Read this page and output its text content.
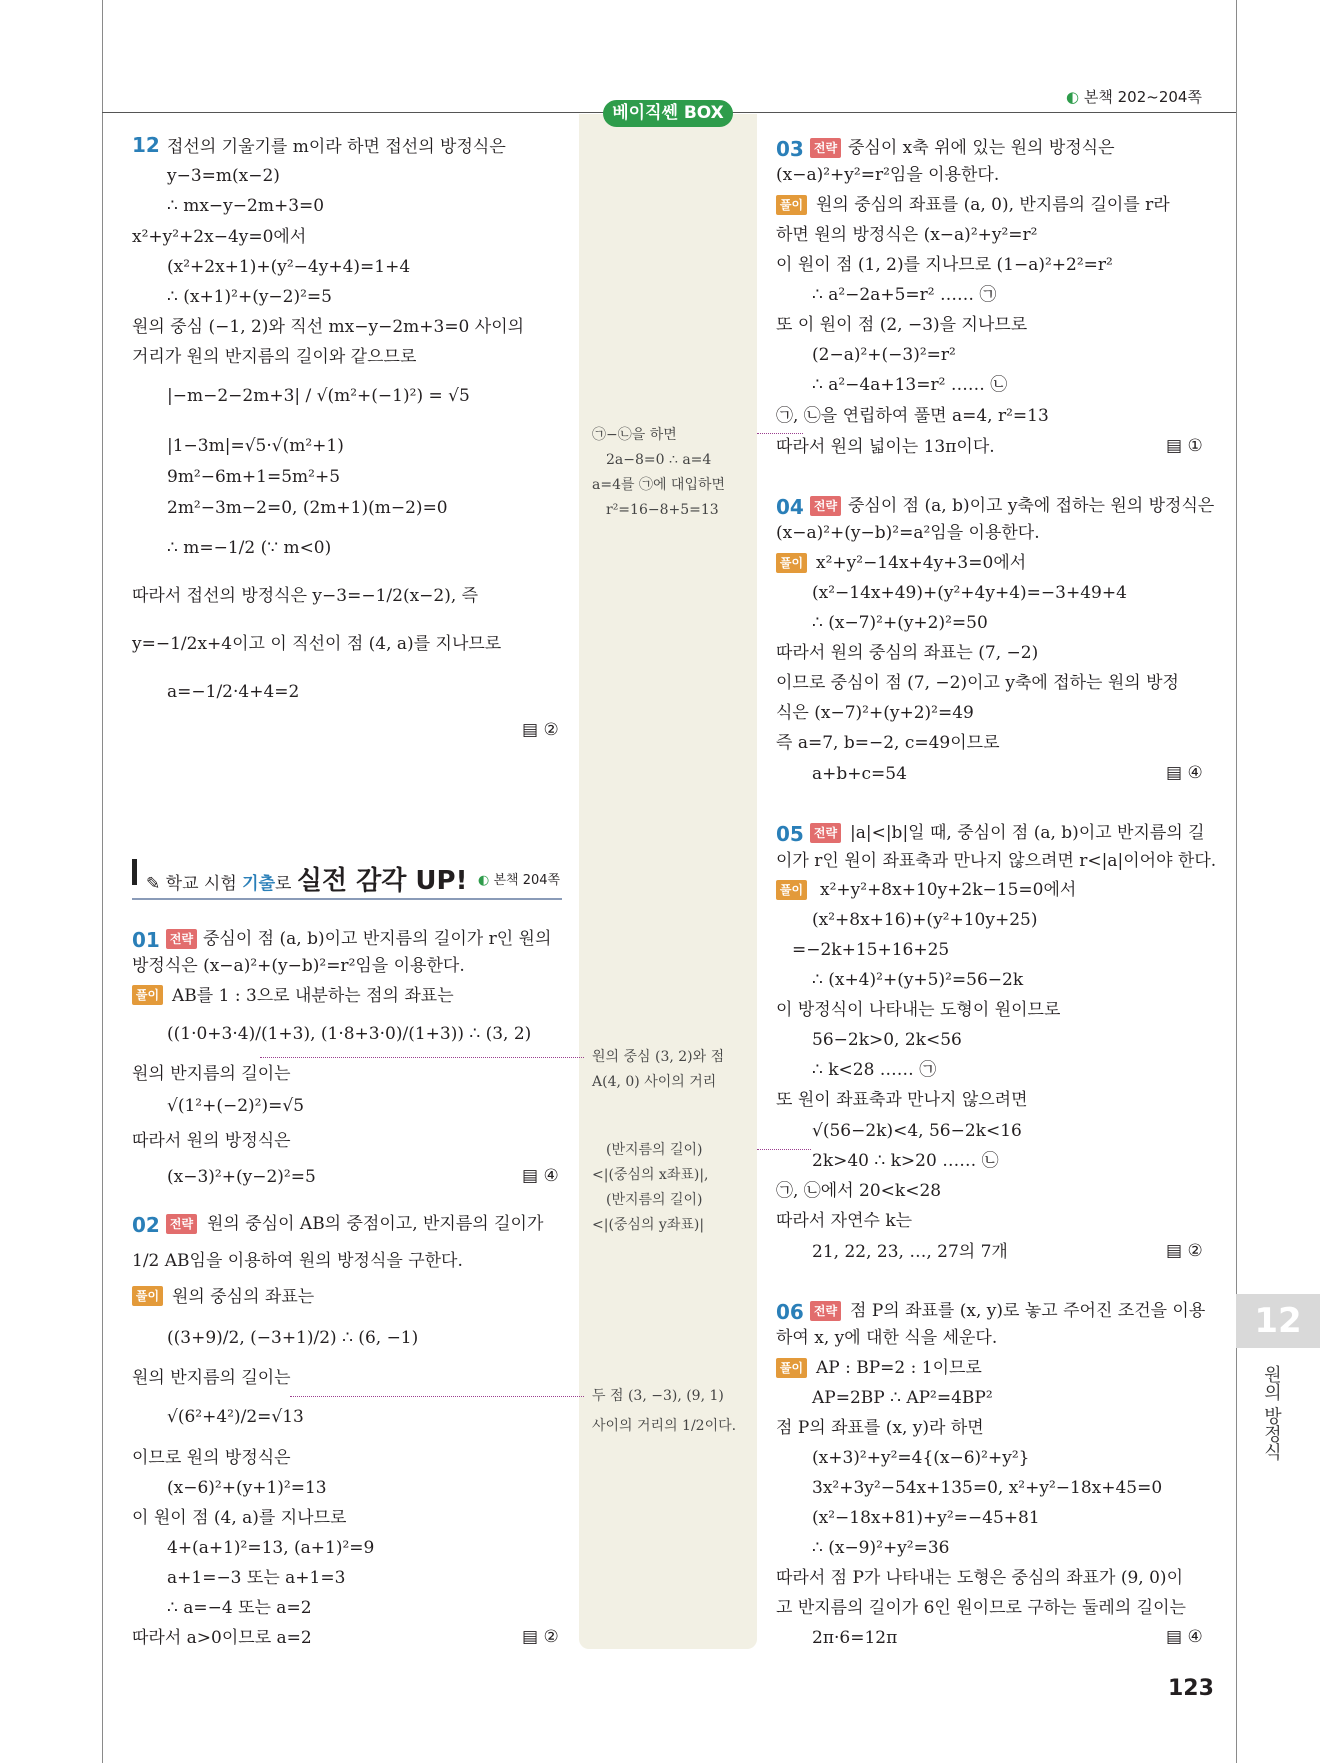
◐ 본책 202~204쪽
베이직쎈 BOX
12 접선의 기울기를 m이라 하면 접선의 방정식은
y−3=m(x−2)
∴ mx−y−2m+3=0
x²+y²+2x−4y=0에서
(x²+2x+1)+(y²−4y+4)=1+4
∴ (x+1)²+(y−2)²=5
원의 중심 (−1, 2)와 직선 mx−y−2m+3=0 사이의
거리가 원의 반지름의 길이와 같으므로
|−m−2−2m+3| / √(m²+(−1)²) = √5
|1−3m|=√5·√(m²+1)
9m²−6m+1=5m²+5
2m²−3m−2=0, (2m+1)(m−2)=0
∴ m=−1/2 (∵ m<0)
따라서 접선의 방정식은 y−3=−1/2(x−2), 즉
y=−1/2x+4이고 이 직선이 점 (4, a)를 지나므로
a=−1/2·4+4=2
▤ ②
✎ 학교 시험 기출로 실전 감각 UP! ◐ 본책 204쪽
01 전략 중심이 점 (a, b)이고 반지름의 길이가 r인 원의
방정식은 (x−a)²+(y−b)²=r²임을 이용한다.
풀이 AB를 1 : 3으로 내분하는 점의 좌표는
((1·0+3·4)/(1+3), (1·8+3·0)/(1+3)) ∴ (3, 2)
원의 반지름의 길이는
√(1²+(−2)²)=√5
따라서 원의 방정식은
(x−3)²+(y−2)²=5	▤ ④
02 전략 원의 중심이 AB의 중점이고, 반지름의 길이가
1/2 AB임을 이용하여 원의 방정식을 구한다.
풀이 원의 중심의 좌표는
((3+9)/2, (−3+1)/2) ∴ (6, −1)
원의 반지름의 길이는
√(6²+4²)/2=√13
이므로 원의 방정식은
(x−6)²+(y+1)²=13
이 원이 점 (4, a)를 지나므로
4+(a+1)²=13, (a+1)²=9
a+1=−3 또는 a+1=3
∴ a=−4 또는 a=2
따라서 a>0이므로 a=2	▤ ②
㉠−㉡을 하면
2a−8=0 ∴ a=4
a=4를 ㉠에 대입하면
r²=16−8+5=13
원의 중심 (3, 2)와 점
A(4, 0) 사이의 거리
(반지름의 길이)
<|(중심의 x좌표)|,
(반지름의 길이)
<|(중심의 y좌표)|
두 점 (3, −3), (9, 1)
사이의 거리의 1/2이다.
03 전략 중심이 x축 위에 있는 원의 방정식은
(x−a)²+y²=r²임을 이용한다.
풀이 원의 중심의 좌표를 (a, 0), 반지름의 길이를 r라
하면 원의 방정식은 (x−a)²+y²=r²
이 원이 점 (1, 2)를 지나므로 (1−a)²+2²=r²
∴ a²−2a+5=r² …… ㉠
또 이 원이 점 (2, −3)을 지나므로
(2−a)²+(−3)²=r²
∴ a²−4a+13=r² …… ㉡
㉠, ㉡을 연립하여 풀면 a=4, r²=13
따라서 원의 넓이는 13π이다.	▤ ①
04 전략 중심이 점 (a, b)이고 y축에 접하는 원의 방정식은
(x−a)²+(y−b)²=a²임을 이용한다.
풀이 x²+y²−14x+4y+3=0에서
(x²−14x+49)+(y²+4y+4)=−3+49+4
∴ (x−7)²+(y+2)²=50
따라서 원의 중심의 좌표는 (7, −2)
이므로 중심이 점 (7, −2)이고 y축에 접하는 원의 방정
식은 (x−7)²+(y+2)²=49
즉 a=7, b=−2, c=49이므로
a+b+c=54	▤ ④
05 전략 |a|<|b|일 때, 중심이 점 (a, b)이고 반지름의 길
이가 r인 원이 좌표축과 만나지 않으려면 r<|a|이어야 한다.
풀이 x²+y²+8x+10y+2k−15=0에서
(x²+8x+16)+(y²+10y+25)
=−2k+15+16+25
∴ (x+4)²+(y+5)²=56−2k
이 방정식이 나타내는 도형이 원이므로
56−2k>0, 2k<56
∴ k<28 …… ㉠
또 원이 좌표축과 만나지 않으려면
√(56−2k)<4, 56−2k<16
2k>40 ∴ k>20 …… ㉡
㉠, ㉡에서 20<k<28
따라서 자연수 k는
21, 22, 23, …, 27의 7개	▤ ②
06 전략 점 P의 좌표를 (x, y)로 놓고 주어진 조건을 이용
하여 x, y에 대한 식을 세운다.
풀이 AP : BP=2 : 1이므로
AP=2BP ∴ AP²=4BP²
점 P의 좌표를 (x, y)라 하면
(x+3)²+y²=4{(x−6)²+y²}
3x²+3y²−54x+135=0, x²+y²−18x+45=0
(x²−18x+81)+y²=−45+81
∴ (x−9)²+y²=36
따라서 점 P가 나타내는 도형은 중심의 좌표가 (9, 0)이
고 반지름의 길이가 6인 원이므로 구하는 둘레의 길이는
2π·6=12π	▤ ④
12
원의 방정식
123
